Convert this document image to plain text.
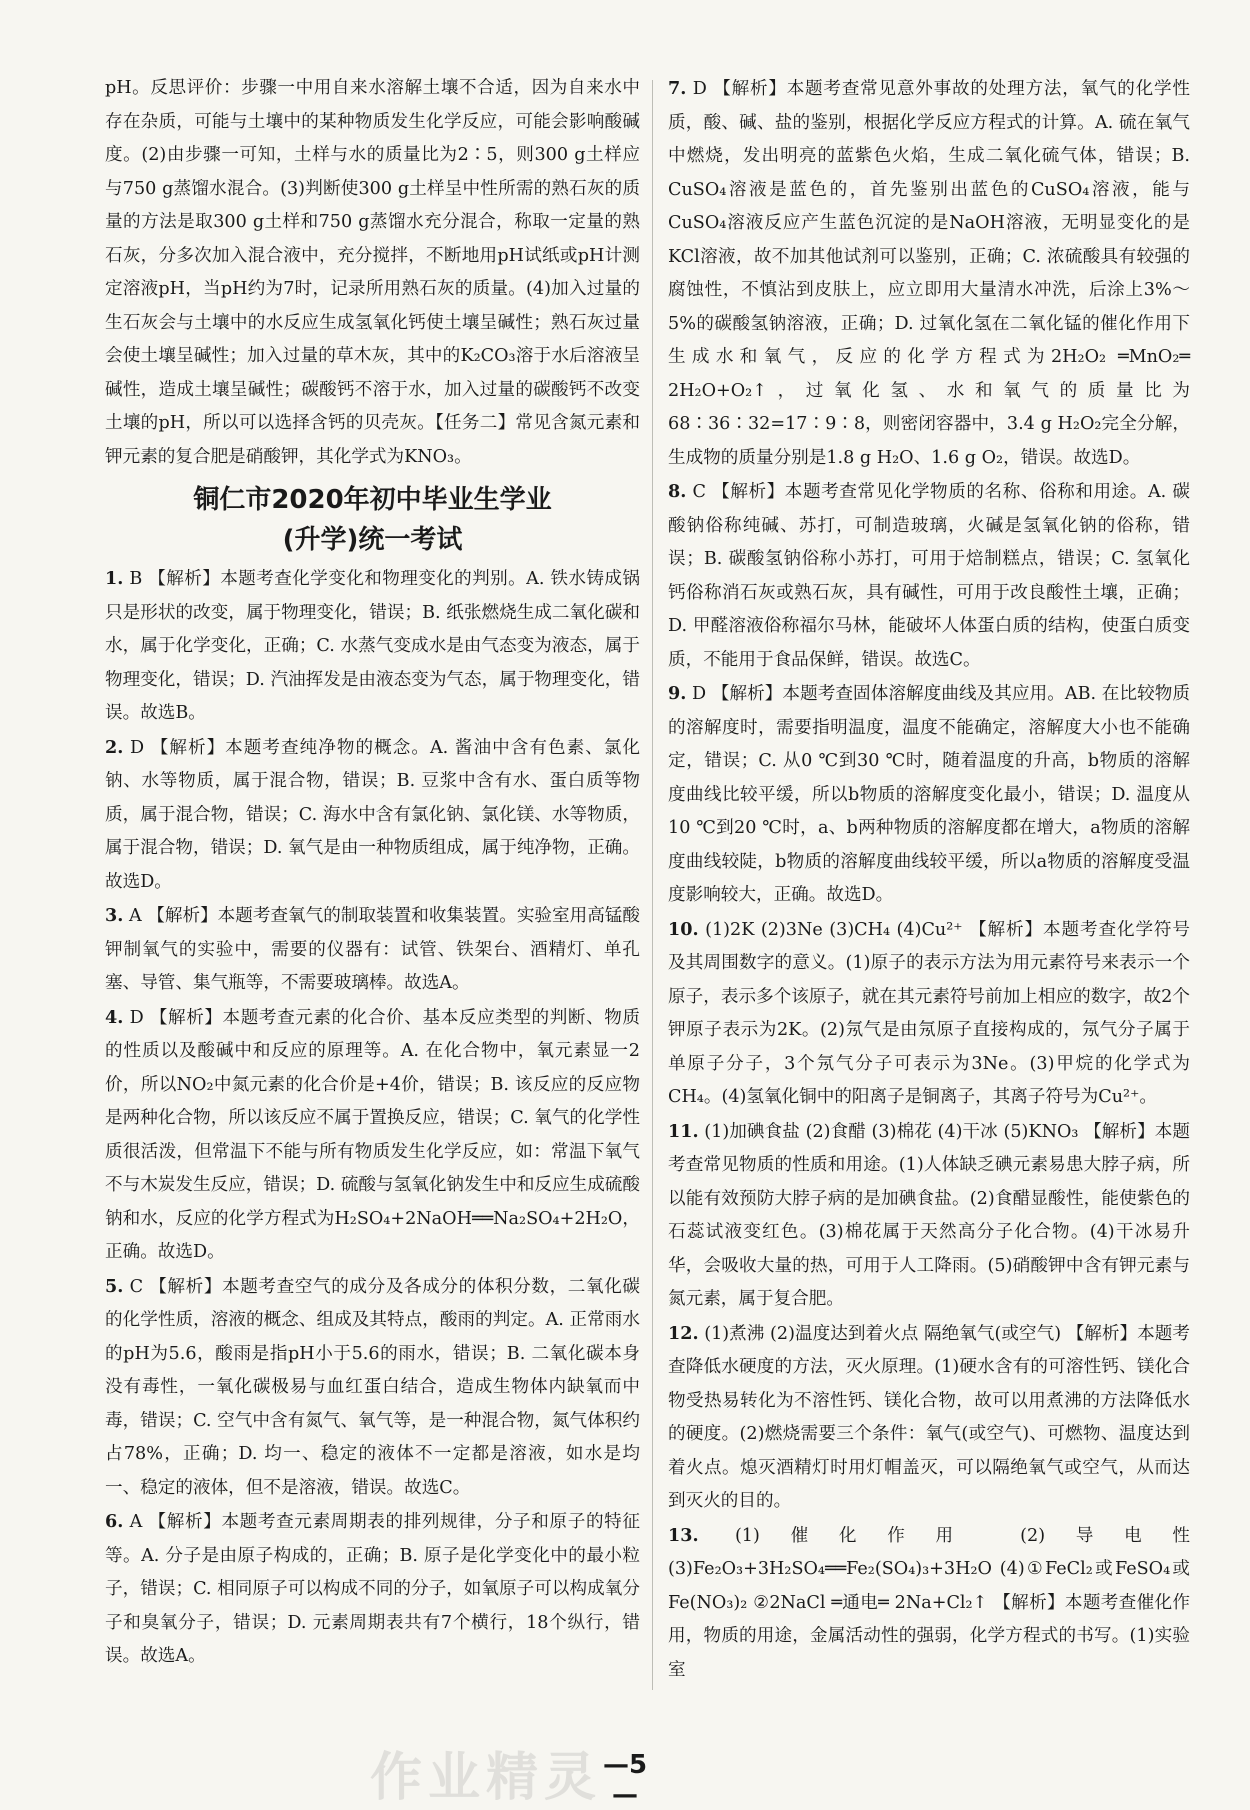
pH。反思评价：步骤一中用自来水溶解土壤不合适，因为自来水中存在杂质，可能与土壤中的某种物质发生化学反应，可能会影响酸碱度。(2)由步骤一可知，土样与水的质量比为2∶5，则300 g土样应与750 g蒸馏水混合。(3)判断使300 g土样呈中性所需的熟石灰的质量的方法是取300 g土样和750 g蒸馏水充分混合，称取一定量的熟石灰，分多次加入混合液中，充分搅拌，不断地用pH试纸或pH计测定溶液pH，当pH约为7时，记录所用熟石灰的质量。(4)加入过量的生石灰会与土壤中的水反应生成氢氧化钙使土壤呈碱性；熟石灰过量会使土壤呈碱性；加入过量的草木灰，其中的K₂CO₃溶于水后溶液呈碱性，造成土壤呈碱性；碳酸钙不溶于水，加入过量的碳酸钙不改变土壤的pH，所以可以选择含钙的贝壳灰。【任务二】常见含氮元素和钾元素的复合肥是硝酸钾，其化学式为KNO₃。

铜仁市2020年初中毕业生学业
(升学)统一考试

1. B 【解析】本题考查化学变化和物理变化的判别。A. 铁水铸成锅只是形状的改变，属于物理变化，错误；B. 纸张燃烧生成二氧化碳和水，属于化学变化，正确；C. 水蒸气变成水是由气态变为液态，属于物理变化，错误；D. 汽油挥发是由液态变为气态，属于物理变化，错误。故选B。

2. D 【解析】本题考查纯净物的概念。A. 酱油中含有色素、氯化钠、水等物质，属于混合物，错误；B. 豆浆中含有水、蛋白质等物质，属于混合物，错误；C. 海水中含有氯化钠、氯化镁、水等物质，属于混合物，错误；D. 氧气是由一种物质组成，属于纯净物，正确。故选D。

3. A 【解析】本题考查氧气的制取装置和收集装置。实验室用高锰酸钾制氧气的实验中，需要的仪器有：试管、铁架台、酒精灯、单孔塞、导管、集气瓶等，不需要玻璃棒。故选A。

4. D 【解析】本题考查元素的化合价、基本反应类型的判断、物质的性质以及酸碱中和反应的原理等。A. 在化合物中，氧元素显一2价，所以NO₂中氮元素的化合价是+4价，错误；B. 该反应的反应物是两种化合物，所以该反应不属于置换反应，错误；C. 氧气的化学性质很活泼，但常温下不能与所有物质发生化学反应，如：常温下氧气不与木炭发生反应，错误；D. 硫酸与氢氧化钠发生中和反应生成硫酸钠和水，反应的化学方程式为H₂SO₄+2NaOH══Na₂SO₄+2H₂O，正确。故选D。

5. C 【解析】本题考查空气的成分及各成分的体积分数，二氧化碳的化学性质，溶液的概念、组成及其特点，酸雨的判定。A. 正常雨水的pH为5.6，酸雨是指pH小于5.6的雨水，错误；B. 二氧化碳本身没有毒性，一氧化碳极易与血红蛋白结合，造成生物体内缺氧而中毒，错误；C. 空气中含有氮气、氧气等，是一种混合物，氮气体积约占78%，正确；D. 均一、稳定的液体不一定都是溶液，如水是均一、稳定的液体，但不是溶液，错误。故选C。

6. A 【解析】本题考查元素周期表的排列规律，分子和原子的特征等。A. 分子是由原子构成的，正确；B. 原子是化学变化中的最小粒子，错误；C. 相同原子可以构成不同的分子，如氧原子可以构成氧分子和臭氧分子，错误；D. 元素周期表共有7个横行，18个纵行，错误。故选A。

7. D 【解析】本题考查常见意外事故的处理方法，氧气的化学性质，酸、碱、盐的鉴别，根据化学反应方程式的计算。A. 硫在氧气中燃烧，发出明亮的蓝紫色火焰，生成二氧化硫气体，错误；B. CuSO₄溶液是蓝色的，首先鉴别出蓝色的CuSO₄溶液，能与CuSO₄溶液反应产生蓝色沉淀的是NaOH溶液，无明显变化的是KCl溶液，故不加其他试剂可以鉴别，正确；C. 浓硫酸具有较强的腐蚀性，不慎沾到皮肤上，应立即用大量清水冲洗，后涂上3%～5%的碳酸氢钠溶液，正确；D. 过氧化氢在二氧化锰的催化作用下生成水和氧气，反应的化学方程式为2H₂O₂ ═MnO₂═ 2H₂O+O₂↑，过氧化氢、水和氧气的质量比为68∶36∶32=17∶9∶8，则密闭容器中，3.4 g H₂O₂完全分解，生成物的质量分别是1.8 g H₂O、1.6 g O₂，错误。故选D。

8. C 【解析】本题考查常见化学物质的名称、俗称和用途。A. 碳酸钠俗称纯碱、苏打，可制造玻璃，火碱是氢氧化钠的俗称，错误；B. 碳酸氢钠俗称小苏打，可用于焙制糕点，错误；C. 氢氧化钙俗称消石灰或熟石灰，具有碱性，可用于改良酸性土壤，正确；D. 甲醛溶液俗称福尔马林，能破坏人体蛋白质的结构，使蛋白质变质，不能用于食品保鲜，错误。故选C。

9. D 【解析】本题考查固体溶解度曲线及其应用。AB. 在比较物质的溶解度时，需要指明温度，温度不能确定，溶解度大小也不能确定，错误；C. 从0 ℃到30 ℃时，随着温度的升高，b物质的溶解度曲线比较平缓，所以b物质的溶解度变化最小，错误；D. 温度从10 ℃到20 ℃时，a、b两种物质的溶解度都在增大，a物质的溶解度曲线较陡，b物质的溶解度曲线较平缓，所以a物质的溶解度受温度影响较大，正确。故选D。

10. (1)2K (2)3Ne (3)CH₄ (4)Cu²⁺ 【解析】本题考查化学符号及其周围数字的意义。(1)原子的表示方法为用元素符号来表示一个原子，表示多个该原子，就在其元素符号前加上相应的数字，故2个钾原子表示为2K。(2)氖气是由氖原子直接构成的，氖气分子属于单原子分子，3个氖气分子可表示为3Ne。(3)甲烷的化学式为CH₄。(4)氢氧化铜中的阳离子是铜离子，其离子符号为Cu²⁺。

11. (1)加碘食盐 (2)食醋 (3)棉花 (4)干冰 (5)KNO₃ 【解析】本题考查常见物质的性质和用途。(1)人体缺乏碘元素易患大脖子病，所以能有效预防大脖子病的是加碘食盐。(2)食醋显酸性，能使紫色的石蕊试液变红色。(3)棉花属于天然高分子化合物。(4)干冰易升华，会吸收大量的热，可用于人工降雨。(5)硝酸钾中含有钾元素与氮元素，属于复合肥。

12. (1)煮沸 (2)温度达到着火点 隔绝氧气(或空气) 【解析】本题考查降低水硬度的方法，灭火原理。(1)硬水含有的可溶性钙、镁化合物受热易转化为不溶性钙、镁化合物，故可以用煮沸的方法降低水的硬度。(2)燃烧需要三个条件：氧气(或空气)、可燃物、温度达到着火点。熄灭酒精灯时用灯帽盖灭，可以隔绝氧气或空气，从而达到灭火的目的。

13. (1)催化作用 (2)导电性 (3)Fe₂O₃+3H₂SO₄══Fe₂(SO₄)₃+3H₂O (4)①FeCl₂或FeSO₄或Fe(NO₃)₂ ②2NaCl ═通电═ 2Na+Cl₂↑ 【解析】本题考查催化作用，物质的用途，金属活动性的强弱，化学方程式的书写。(1)实验室

作业精灵 —5—
